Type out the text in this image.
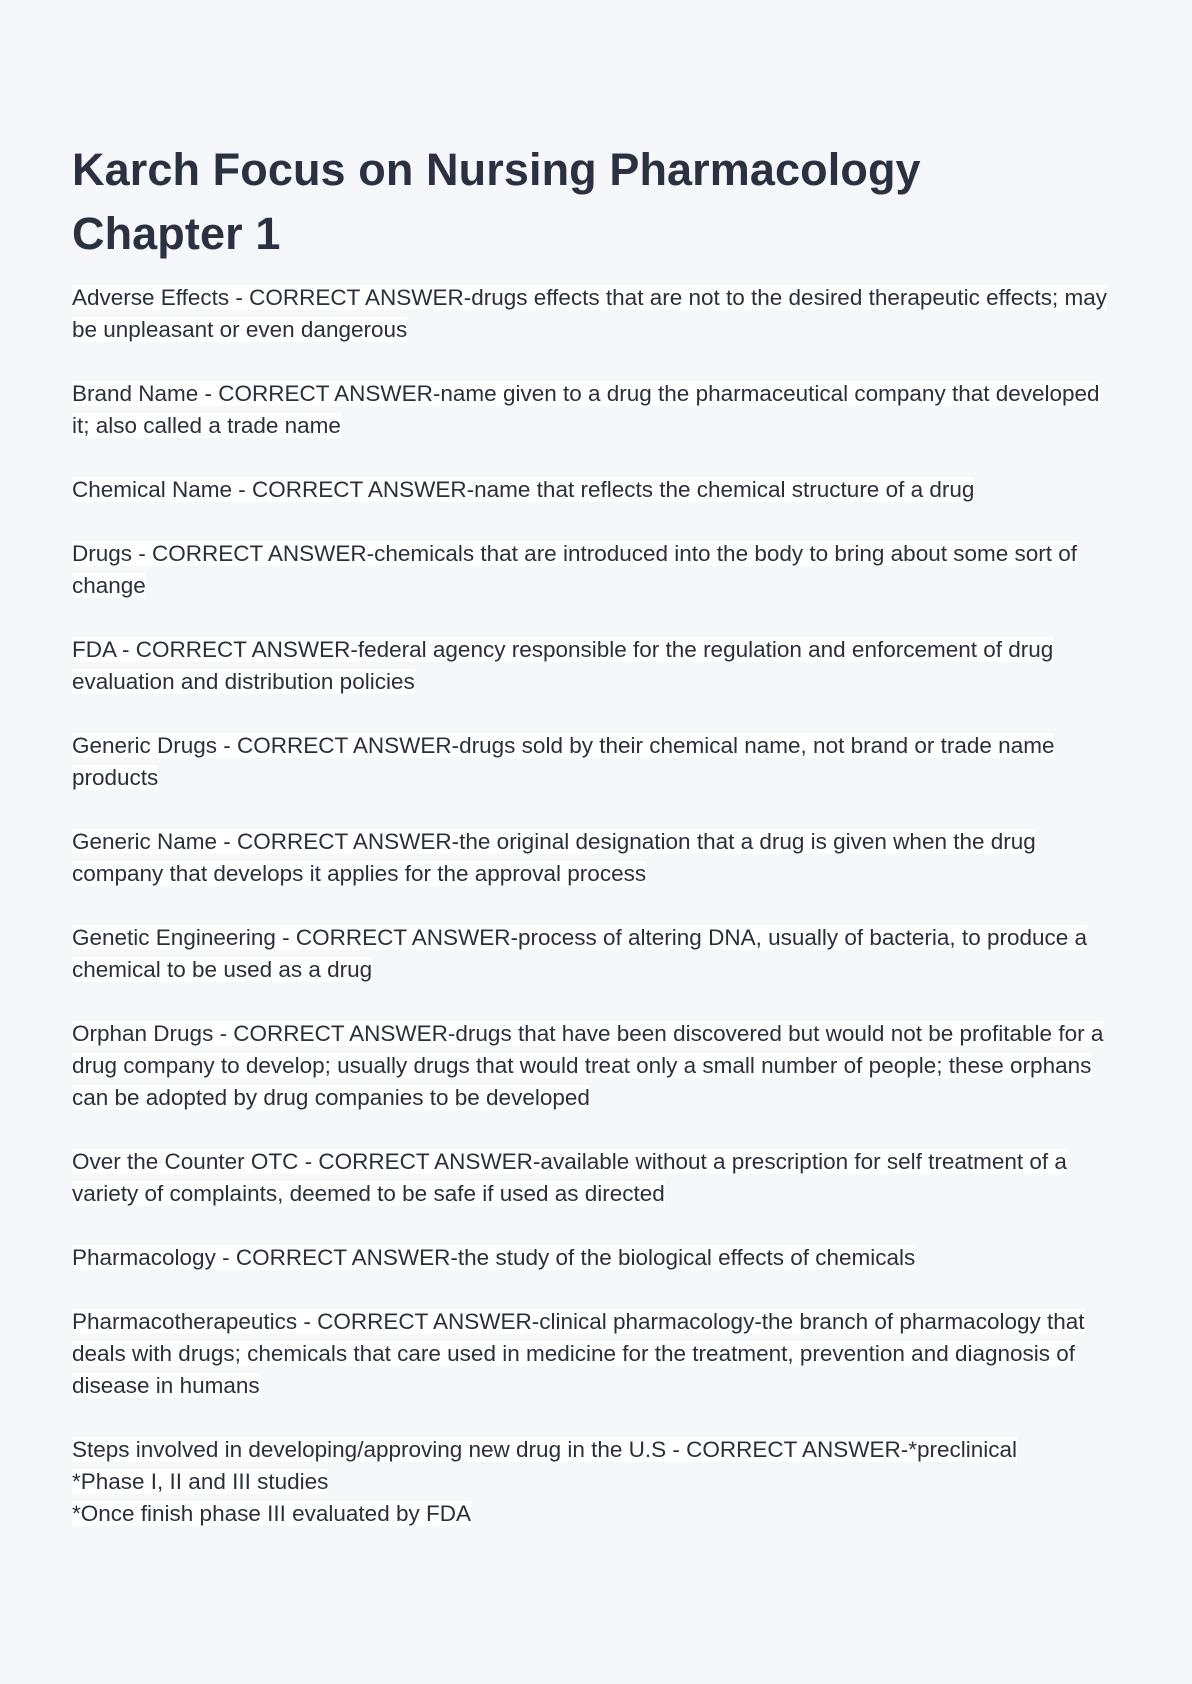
Karch Focus on Nursing Pharmacology
Chapter 1

Adverse Effects - CORRECT ANSWER-drugs effects that are not to the desired therapeutic effects; may be unpleasant or even dangerous

Brand Name - CORRECT ANSWER-name given to a drug the pharmaceutical company that developed it; also called a trade name

Chemical Name - CORRECT ANSWER-name that reflects the chemical structure of a drug

Drugs - CORRECT ANSWER-chemicals that are introduced into the body to bring about some sort of change

FDA - CORRECT ANSWER-federal agency responsible for the regulation and enforcement of drug evaluation and distribution policies

Generic Drugs - CORRECT ANSWER-drugs sold by their chemical name, not brand or trade name products

Generic Name - CORRECT ANSWER-the original designation that a drug is given when the drug company that develops it applies for the approval process

Genetic Engineering - CORRECT ANSWER-process of altering DNA, usually of bacteria, to produce a chemical to be used as a drug

Orphan Drugs - CORRECT ANSWER-drugs that have been discovered but would not be profitable for a drug company to develop; usually drugs that would treat only a small number of people; these orphans can be adopted by drug companies to be developed

Over the Counter OTC - CORRECT ANSWER-available without a prescription for self treatment of a variety of complaints, deemed to be safe if used as directed

Pharmacology - CORRECT ANSWER-the study of the biological effects of chemicals

Pharmacotherapeutics - CORRECT ANSWER-clinical pharmacology-the branch of pharmacology that deals with drugs; chemicals that care used in medicine for the treatment, prevention and diagnosis of disease in humans

Steps involved in developing/approving new drug in the U.S - CORRECT ANSWER-*preclinical
*Phase I, II and III studies
*Once finish phase III evaluated by FDA
